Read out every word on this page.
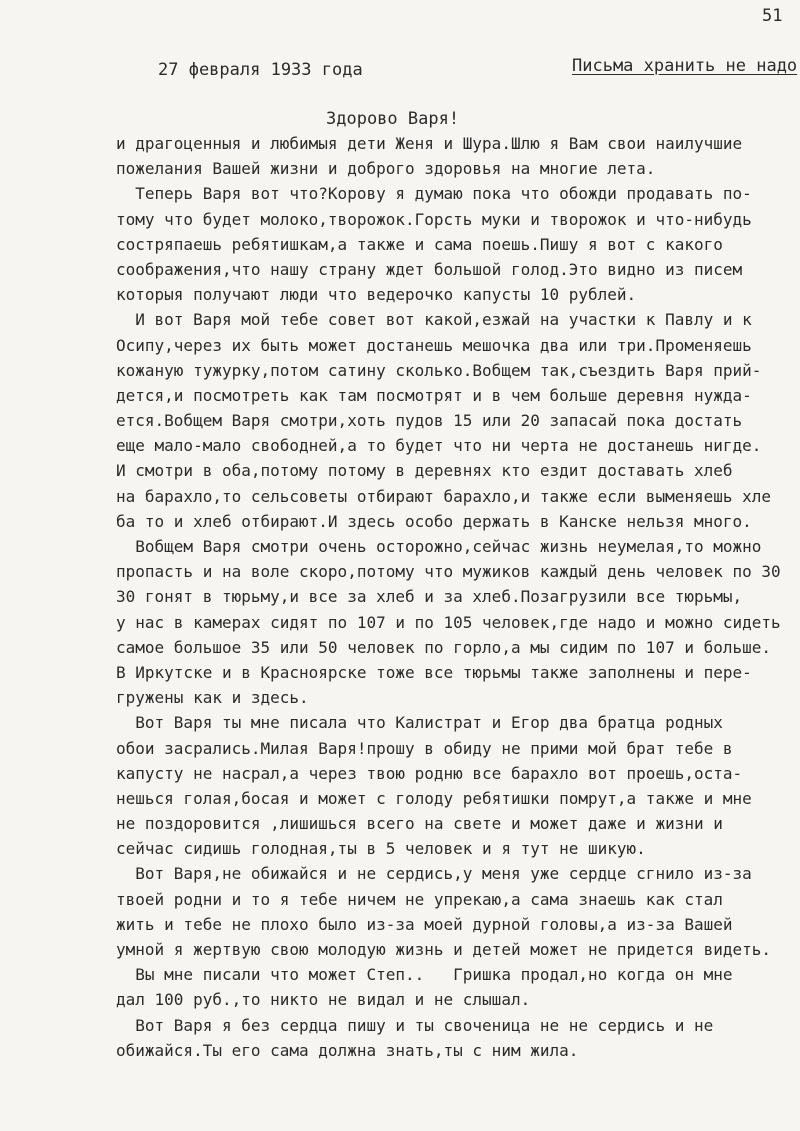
51
27 февраля 1933 года	Письма хранить не надо
Здорово Варя!
и драгоценныя и любимыя дети Женя и Шура.Шлю я Вам свои наилучшие
пожелания Вашей жизни и доброго здоровья на многие лета.
Теперь Варя вот что?Корову я думаю пока что обожди продавать по-
тому что будет молоко,творожок.Горсть муки и творожок и что-нибудь
состряпаешь ребятишкам,а также и сама поешь.Пишу я вот с какого
соображения,что нашу страну ждет большой голод.Это видно из писем
которыя получают люди что ведерочко капусты 10 рублей.
И вот Варя мой тебе совет вот какой,езжай на участки к Павлу и к
Осипу,через их быть может достанешь мешочка два или три.Променяешь
кожаную тужурку,потом сатину сколько.Вобщем так,съездить Варя прий-
дется,и посмотреть как там посмотрят и в чем больше деревня нужда-
ется.Вобщем Варя смотри,хоть пудов 15 или 20 запасай пока достать
еще мало-мало свободней,а то будет что ни черта не достанешь нигде.
И смотри в оба,потому потому в деревнях кто ездит доставать хлеб
на барахло,то сельсоветы отбирают барахло,и также если выменяешь хле
ба то и хлеб отбирают.И здесь особо держать в Канске нельзя много.
Вобщем Варя смотри очень осторожно,сейчас жизнь неумелая,то можно
пропасть и на воле скоро,потому что мужиков каждый день человек по 30
30 гонят в тюрьму,и все за хлеб и за хлеб.Позагрузили все тюрьмы,
у нас в камерах сидят по 107 и по 105 человек,где надо и можно сидеть
самое большое 35 или 50 человек по горло,а мы сидим по 107 и больше.
В Иркутске и в Красноярске тоже все тюрьмы также заполнены и пере-
гружены как и здесь.
Вот Варя ты мне писала что Калистрат и Егор два братца родных
обои засрались.Милая Варя!прошу в обиду не прими мой брат тебе в
капусту не насрал,а через твою родню все барахло вот проешь,оста-
нешься голая,босая и может с голоду ребятишки помрут,а также и мне
не поздоровится ,лишишься всего на свете и может даже и жизни и
сейчас сидишь голодная,ты в 5 человек и я тут не шикую.
Вот Варя,не обижайся и не сердись,у меня уже сердце сгнило из-за
твоей родни и то я тебе ничем не упрекаю,а сама знаешь как стал
жить и тебе не плохо было из-за моей дурной головы,а из-за Вашей
умной я жертвую свою молодую жизнь и детей может не придется видеть.
Вы мне писали что может Степ..   Гришка продал,но когда он мне
дал 100 руб.,то никто не видал и не слышал.
Вот Варя я без сердца пишу и ты своченица не не сердись и не
обижайся.Ты его сама должна знать,ты с ним жила.
